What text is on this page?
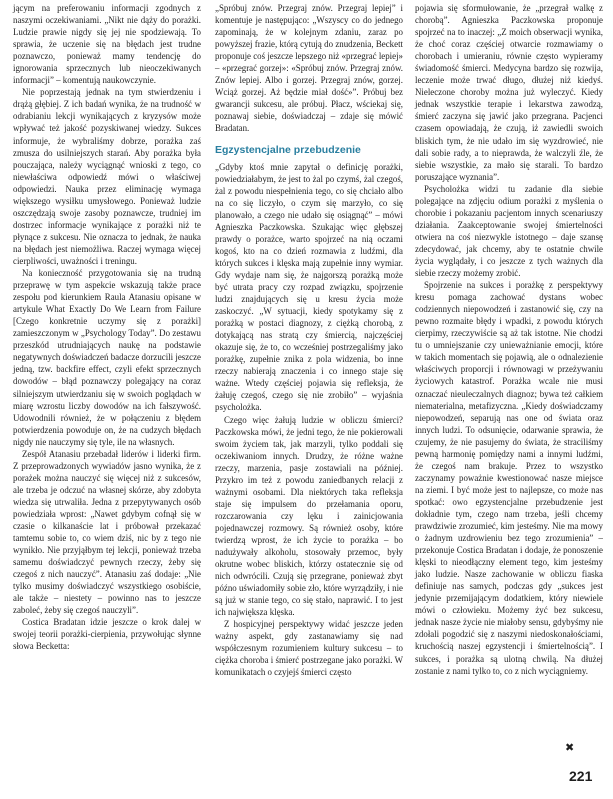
jącym na preferowaniu informacji zgodnych z naszymi oczekiwaniami. „Nikt nie dąży do porażki. Ludzie prawie nigdy się jej nie spodziewają. To sprawia, że uczenie się na błędach jest trudne poznawczo, ponieważ mamy tendencję do ignorowania sprzecznych lub nieoczekiwanych informacji” – komentują naukowczynie.

Nie poprzestają jednak na tym stwierdzeniu i drążą głębiej. Z ich badań wynika, że na trudność w odrabianiu lekcji wynikających z kryzysów może wpływać też jakość pozyskiwanej wiedzy. Sukces informuje, że wybraliśmy dobrze, porażka zaś zmusza do usilniejszych starań. Aby porażka była pouczająca, należy wyciągnąć wnioski z tego, co niewłaściwa odpowiedź mówi o właściwej odpowiedzi. Nauka przez eliminację wymaga większego wysiłku umysłowego. Ponieważ ludzie oszczędzają swoje zasoby poznawcze, trudniej im dostrzec informacje wynikające z porażki niż te płynące z sukcesu. Nie oznacza to jednak, że nauka na błędach jest niemożliwa. Raczej wymaga więcej cierpliwości, uważności i treningu.

Na konieczność przygotowania się na trudną przeprawę w tym aspekcie wskazują także prace zespołu pod kierunkiem Raula Atanasiu opisane w artykule What Exactly Do We Learn from Failure [Czego konkretnie uczymy się z porażki] zamieszczonym w „Psychology Today”. Do zestawu przeszkód utrudniających naukę na podstawie negatywnych doświadczeń badacze dorzucili jeszcze jedną, tzw. backfire effect, czyli efekt sprzecznych dowodów – błąd poznawczy polegający na coraz silniejszym utwierdzaniu się w swoich poglądach w miarę wzrostu liczby dowodów na ich fałszywość. Udowodnili również, że w połączeniu z błędem potwierdzenia powoduje on, że na cudzych błędach nigdy nie nauczymy się tyle, ile na własnych.

Zespół Atanasiu przebadał liderów i liderki firm. Z przeprowadzonych wywiadów jasno wynika, że z porażek można nauczyć się więcej niż z sukcesów, ale trzeba je odczuć na własnej skórze, aby zdobyta wiedza się utrwaliła. Jedna z przepytywanych osób powiedziała wprost: „Nawet gdybym cofnął się w czasie o kilkanaście lat i próbował przekazać tamtemu sobie to, co wiem dziś, nic by z tego nie wynikło. Nie przyjąłbym tej lekcji, ponieważ trzeba samemu doświadczyć pewnych rzeczy, żeby się czegoś z nich nauczyć”. Atanasiu zaś dodaje: „Nie tylko musimy doświadczyć wszystkiego osobiście, ale także – niestety – powinno nas to jeszcze zaboleć, żeby się czegoś nauczyli”.

Costica Bradatan idzie jeszcze o krok dalej w swojej teorii porażki-cierpienia, przywołując słynne słowa Becketta:

„Spróbuj znów. Przegraj znów. Przegraj lepiej” i komentuje je następująco: „Wszyscy co do jednego zapominają, że w kolejnym zdaniu, zaraz po powyższej frazie, którą cytują do znudzenia, Beckett proponuje coś jeszcze lepszego niż «przegrać lepiej» – «przegrać gorzej»: «Spróbuj znów. Przegraj znów. Znów lepiej. Albo i gorzej. Przegraj znów, gorzej. Wciąż gorzej. Aż będzie miał dość»”. Próbuj bez gwarancji sukcesu, ale próbuj. Płacz, wściekaj się, poznawaj siebie, doświadczaj – zdaje się mówić Bradatan.

Egzystencjalne przebudzenie

„Gdyby ktoś mnie zapytał o definicję porażki, powiedziałabym, że jest to żal po czymś, żal czegoś, żal z powodu niespełnienia tego, co się chciało albo na co się liczyło, o czym się marzyło, co się planowało, a czego nie udało się osiągnąć” – mówi Agnieszka Paczkowska. Szukając więc głębszej prawdy o porażce, warto spojrzeć na nią oczami kogoś, kto na co dzień rozmawia z ludźmi, dla których sukces i klęska mają zupełnie inny wymiar. Gdy wydaje nam się, że najgorszą porażką może być utrata pracy czy rozpad związku, spojrzenie ludzi znajdujących się u kresu życia może zaskoczyć. „W sytuacji, kiedy spotykamy się z porażką w postaci diagnozy, z ciężką chorobą, z dotykającą nas stratą czy śmiercią, najczęściej okazuje się, że to, co wcześniej postrzegaliśmy jako porażkę, zupełnie znika z pola widzenia, bo inne rzeczy nabierają znaczenia i co innego staje się ważne. Wtedy częściej pojawia się refleksja, że żałuję czegoś, czego się nie zrobiło” – wyjaśnia psycholożka.

Czego więc żałują ludzie w obliczu śmierci? Paczkowska mówi, że jedni tego, że nie pokierowali swoim życiem tak, jak marzyli, tylko poddali się oczekiwaniom innych. Drudzy, że różne ważne rzeczy, marzenia, pasje zostawiali na później. Przykro im też z powodu zaniedbanych relacji z ważnymi osobami. Dla niektórych taka refleksja staje się impulsem do przełamania oporu, rozczarowania czy lęku i zainicjowania pojednawczej rozmowy. Są również osoby, które twierdzą wprost, że ich życie to porażka – bo nadużywały alkoholu, stosowały przemoc, były okrutne wobec bliskich, którzy ostatecznie się od nich odwrócili. Czują się przegrane, ponieważ zbyt późno uświadomiły sobie zło, które wyrządziły, i nie są już w stanie tego, co się stało, naprawić. I to jest ich największa klęska.

Z hospicyjnej perspektywy widać jeszcze jeden ważny aspekt, gdy zastanawiamy się nad współczesnym rozumieniem kultury sukcesu – to ciężka choroba i śmierć postrzegane jako porażki. W komunikatach o czyjejś śmierci często

pojawia się sformułowanie, że „przegrał walkę z chorobą”. Agnieszka Paczkowska proponuje spojrzeć na to inaczej: „Z moich obserwacji wynika, że choć coraz częściej otwarcie rozmawiamy o chorobach i umieraniu, równie często wypieramy świadomość śmierci. Medycyna bardzo się rozwija, leczenie może trwać długo, dłużej niż kiedyś. Nieleczone choroby można już wyleczyć. Kiedy jednak wszystkie terapie i lekarstwa zawodzą, śmierć zaczyna się jawić jako przegrana. Pacjenci czasem opowiadają, że czują, iż zawiedli swoich bliskich tym, że nie udało im się wyzdrowieć, nie dali sobie rady, a to nieprawda, że walczyli źle, że siebie wszystkie, za mało się starali. To bardzo poruszające wyznania”.

Psycholożka widzi tu zadanie dla siebie polegające na zdjęciu odium porażki z myślenia o chorobie i pokazaniu pacjentom innych scenariuszy działania. Zaakceptowanie swojej śmiertelności otwiera na coś niezwykle istotnego – daje szansę zdecydować, jak chcemy, aby te ostatnie chwile życia wyglądały, i co jeszcze z tych ważnych dla siebie rzeczy możemy zrobić.

Spojrzenie na sukces i porażkę z perspektywy kresu pomaga zachować dystans wobec codziennych niepowodzeń i zastanowić się, czy na pewno rozmaite błędy i wpadki, z powodu których cierpimy, rzeczywiście są aż tak istotne. Nie chodzi tu o umniejszanie czy unieważnianie emocji, które w takich momentach się pojawią, ale o odnalezienie właściwych proporcji i równowagi w przeżywaniu życiowych katastrof. Porażka wcale nie musi oznaczać nieuleczalnych diagnoz; bywa też całkiem niematerialna, metafizyczna. „Kiedy doświadczamy niepowodzeń, separują nas one od świata oraz innych ludzi. To odsunięcie, odarwanie sprawia, że czujemy, że nie pasujemy do świata, że straciliśmy pewną harmonię pomiędzy nami a innymi ludźmi, że czegoś nam brakuje. Przez to wszystko zaczynamy poważnie kwestionować nasze miejsce na ziemi. I być może jest to najlepsze, co może nas spotkać: owo egzystencjalne przebudzenie jest dokładnie tym, czego nam trzeba, jeśli chcemy prawdziwie zrozumieć, kim jesteśmy. Nie ma mowy o żadnym uzdrowieniu bez tego zrozumienia” – przekonuje Costica Bradatan i dodaje, że ponoszenie klęski to nieodłączny element tego, kim jesteśmy jako ludzie. Nasze zachowanie w obliczu fiaska definiuje nas samych, podczas gdy „sukces jest jedynie przemijającym dodatkiem, który niewiele mówi o człowieku. Możemy żyć bez sukcesu, jednak nasze życie nie miałoby sensu, gdybyśmy nie zdołali pogodzić się z naszymi niedoskonałościami, kruchością naszej egzystencji i śmiertelnością”. I sukces, i porażka są ulotną chwilą. Na dłużej zostanie z nami tylko to, co z nich wyciągniemy.

✖
221
